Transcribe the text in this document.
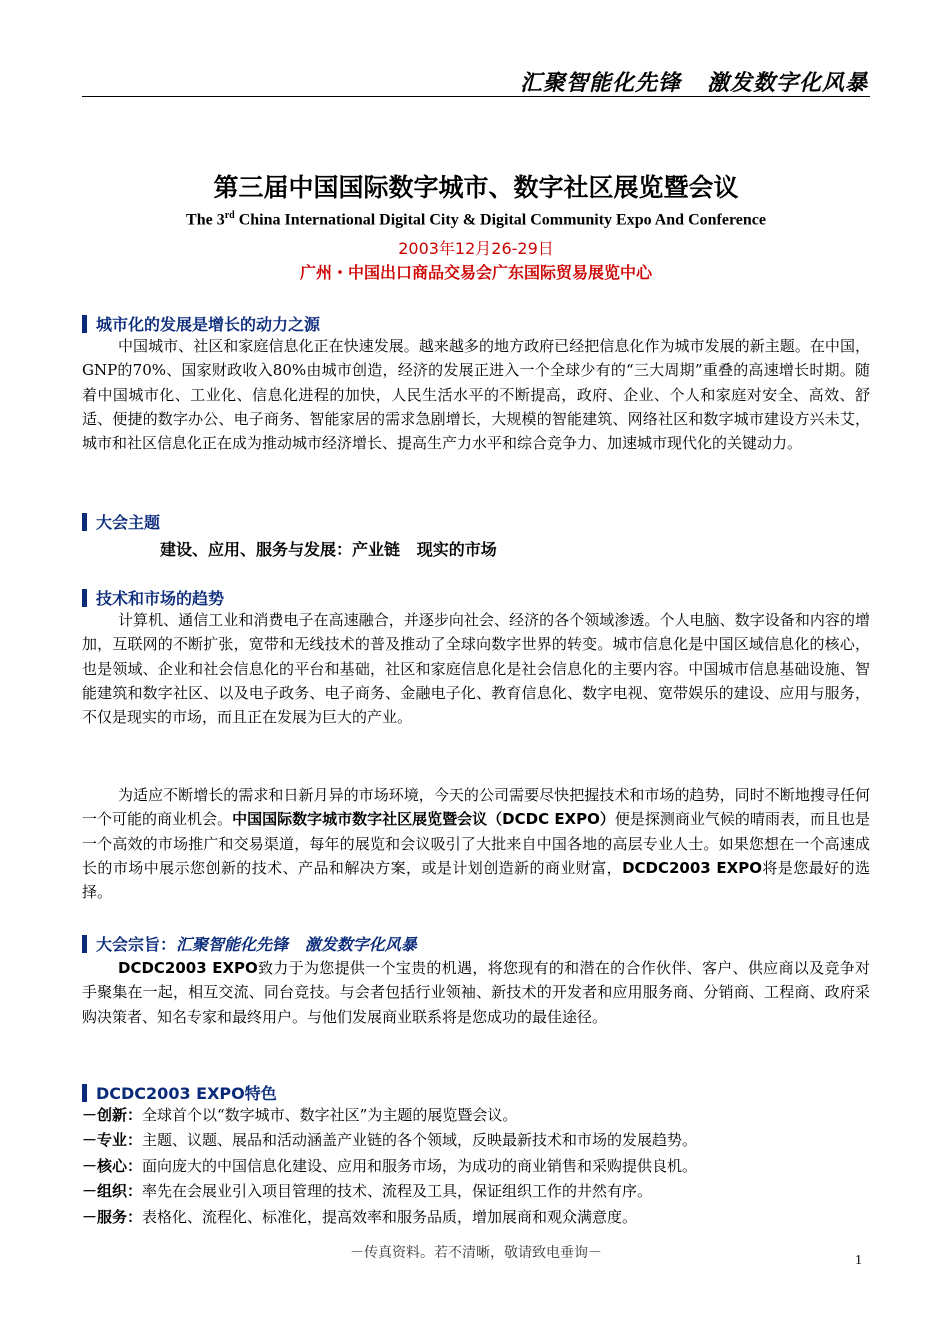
汇聚智能化先锋   激发数字化风暴
第三届中国国际数字城市、数字社区展览暨会议
The 3rd China International Digital City & Digital Community Expo And Conference
2003年12月26-29日
广州・中国出口商品交易会广东国际贸易展览中心
城市化的发展是增长的动力之源

中国城市、社区和家庭信息化正在快速发展。越来越多的地方政府已经把信息化作为城市发展的新主题。在中国，GNP的70%、国家财政收入80%由城市创造，经济的发展正进入一个全球少有的“三大周期”重叠的高速增长时期。随着中国城市化、工业化、信息化进程的加快，人民生活水平的不断提高，政府、企业、个人和家庭对安全、高效、舒适、便捷的数字办公、电子商务、智能家居的需求急剧增长，大规模的智能建筑、网络社区和数字城市建设方兴未艾，城市和社区信息化正在成为推动城市经济增长、提高生产力水平和综合竞争力、加速城市现代化的关键动力。

大会主题
建设、应用、服务与发展：产业链   现实的市场
技术和市场的趋势

计算机、通信工业和消费电子在高速融合，并逐步向社会、经济的各个领域渗透。个人电脑、数字设备和内容的增加，互联网的不断扩张，宽带和无线技术的普及推动了全球向数字世界的转变。城市信息化是中国区域信息化的核心，也是领域、企业和社会信息化的平台和基础，社区和家庭信息化是社会信息化的主要内容。中国城市信息基础设施、智能建筑和数字社区、以及电子政务、电子商务、金融电子化、教育信息化、数字电视、宽带娱乐的建设、应用与服务，不仅是现实的市场，而且正在发展为巨大的产业。

为适应不断增长的需求和日新月异的市场环境，今天的公司需要尽快把握技术和市场的趋势，同时不断地搜寻任何一个可能的商业机会。中国国际数字城市数字社区展览暨会议（DCDC EXPO）便是探测商业气候的晴雨表，而且也是一个高效的市场推广和交易渠道，每年的展览和会议吸引了大批来自中国各地的高层专业人士。如果您想在一个高速成长的市场中展示您创新的技术、产品和解决方案，或是计划创造新的商业财富，DCDC2003 EXPO将是您最好的选择。

大会宗旨： 汇聚智能化先锋   激发数字化风暴

DCDC2003 EXPO致力于为您提供一个宝贵的机遇，将您现有的和潜在的合作伙伴、客户、供应商以及竞争对手聚集在一起，相互交流、同台竞技。与会者包括行业领袖、新技术的开发者和应用服务商、分销商、工程商、政府采购决策者、知名专家和最终用户。与他们发展商业联系将是您成功的最佳途径。

DCDC2003 EXPO特色
－创新：全球首个以“数字城市、数字社区”为主题的展览暨会议。
－专业：主题、议题、展品和活动涵盖产业链的各个领域，反映最新技术和市场的发展趋势。
－核心：面向庞大的中国信息化建设、应用和服务市场，为成功的商业销售和采购提供良机。
－组织：率先在会展业引入项目管理的技术、流程及工具，保证组织工作的井然有序。
－服务：表格化、流程化、标准化，提高效率和服务品质，增加展商和观众满意度。
－传真资料。若不清晰，敬请致电垂询－	1
